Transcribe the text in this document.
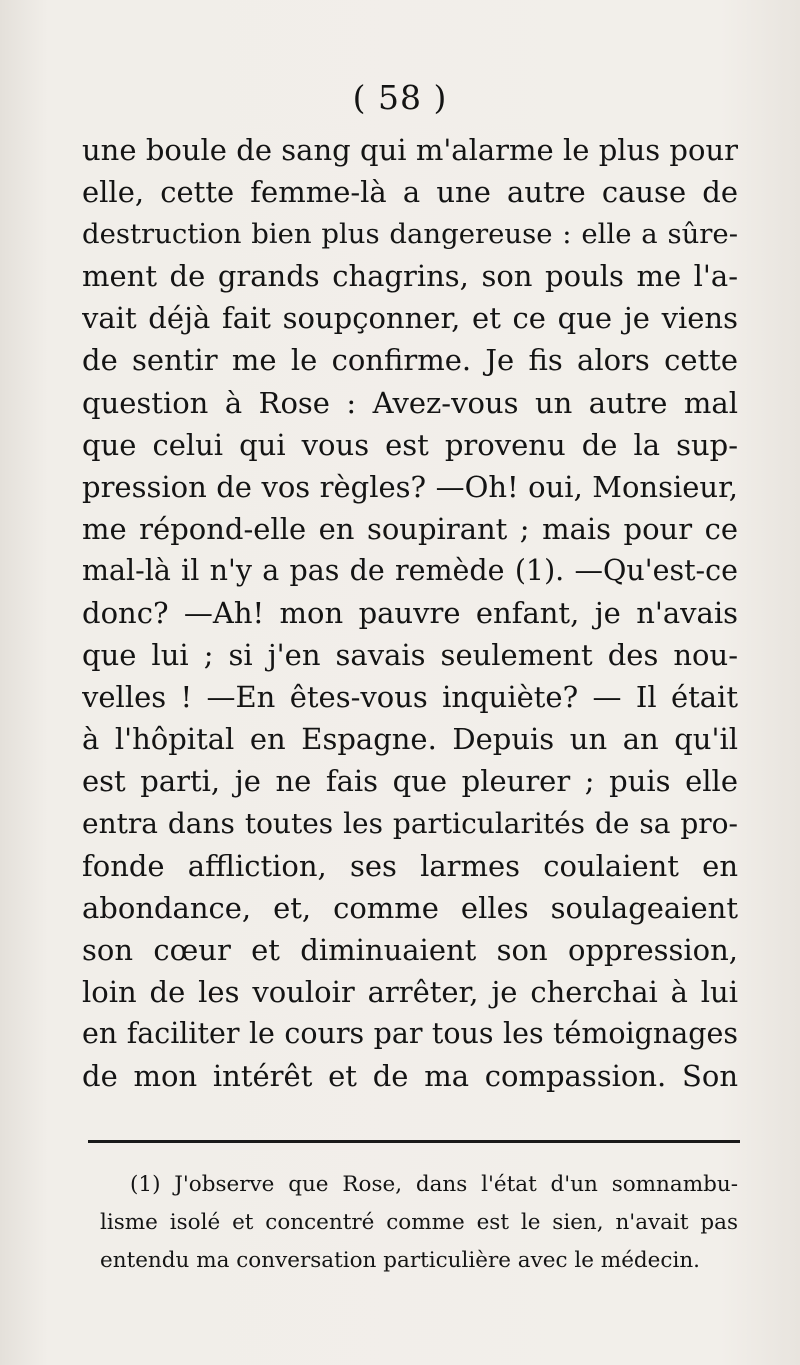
( 58 )
une boule de sang qui m'alarme le plus pour
elle, cette femme-là a une autre cause de
destruction bien plus dangereuse : elle a sûre-
ment de grands chagrins, son pouls me l'a-
vait déjà fait soupçonner, et ce que je viens
de sentir me le confirme. Je fis alors cette
question à Rose : Avez-vous un autre mal
que celui qui vous est provenu de la sup-
pression de vos règles? —Oh! oui, Monsieur,
me répond-elle en soupirant ; mais pour ce
mal-là il n'y a pas de remède (1). —Qu'est-ce
donc? —Ah! mon pauvre enfant, je n'avais
que lui ; si j'en savais seulement des nou-
velles ! —En êtes-vous inquiète? — Il était
à l'hôpital en Espagne. Depuis un an qu'il
est parti, je ne fais que pleurer ; puis elle
entra dans toutes les particularités de sa pro-
fonde affliction, ses larmes coulaient en
abondance, et, comme elles soulageaient
son cœur et diminuaient son oppression,
loin de les vouloir arrêter, je cherchai à lui
en faciliter le cours par tous les témoignages
de mon intérêt et de ma compassion. Son
(1) J'observe que Rose, dans l'état d'un somnambu-
lisme isolé et concentré comme est le sien, n'avait pas
entendu ma conversation particulière avec le médecin.
